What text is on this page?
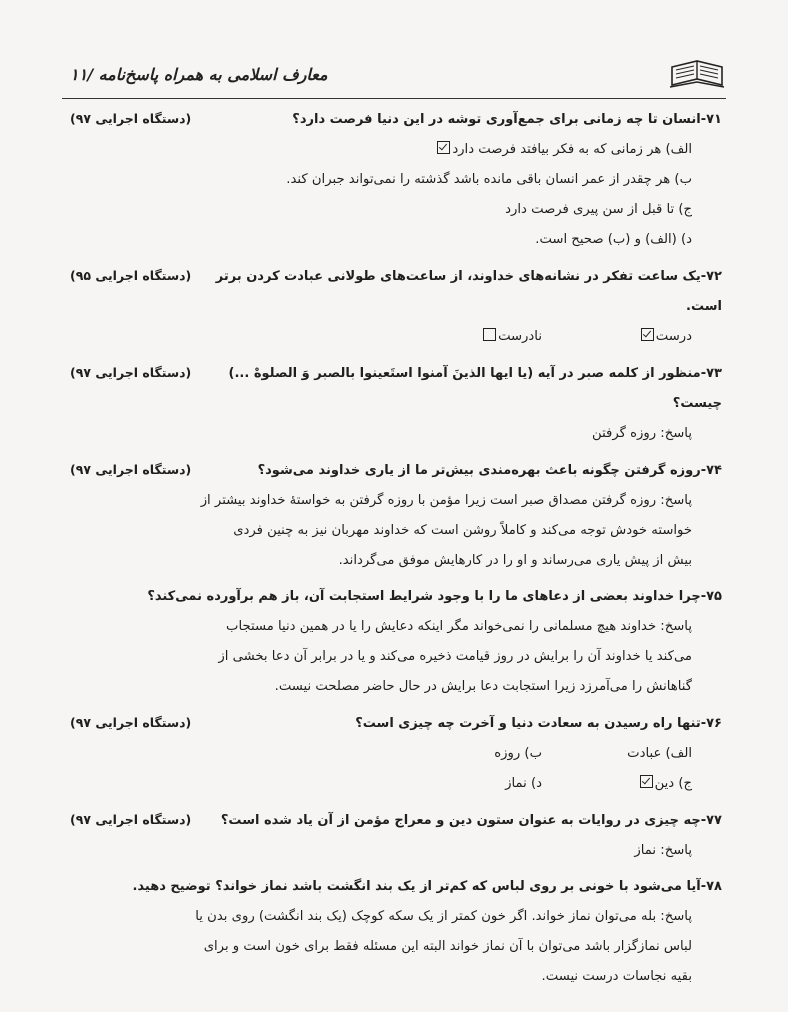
معارف اسلامی به همراه پاسخ‌نامه /۱۱
۷۱-انسان تا چه زمانی برای جمع‌آوری توشه در این دنیا فرصت دارد؟
(دستگاه اجرایی ۹۷)
الف) هر زمانی که به فکر بیافتد فرصت دارد
ب) هر چقدر از عمر انسان باقی مانده باشد گذشته را نمی‌تواند جبران کند.
ج) تا قبل از سن پیری فرصت دارد
د) (الف) و (ب) صحیح است.
۷۲-یک ساعت تفکر در نشانه‌های خداوند، از ساعت‌های طولانی عبادت کردن برتر است.
(دستگاه اجرایی ۹۵)
درست
نادرست
۷۳-منظور از کلمه صبر در آیه (یا ایها الذینَ آمنوا استَعینوا بالصبر وَ الصلوهْ ...) چیست؟
(دستگاه اجرایی ۹۷)
پاسخ: روزه گرفتن
۷۴-روزه گرفتن چگونه باعث بهره‌مندی بیش‌تر ما از یاری خداوند می‌شود؟
(دستگاه اجرایی ۹۷)
پاسخ: روزه گرفتن مصداق صبر است زیرا مؤمن با روزه گرفتن به خواستهٔ خداوند بیشتر از
خواسته خودش توجه می‌کند و کاملاً روشن است که خداوند مهربان نیز به چنین فردی
بیش از پیش یاری می‌رساند و او را در کارهایش موفق می‌گرداند.
۷۵-چرا خداوند بعضی از دعاهای ما را با وجود شرایط استجابت آن، باز هم برآورده نمی‌کند؟
پاسخ: خداوند هیچ مسلمانی را نمی‌خواند مگر اینکه دعایش را یا در همین دنیا مستجاب
می‌کند یا خداوند آن را برایش در روز قیامت ذخیره می‌کند و یا در برابر آن دعا بخشی از
گناهانش را می‌آمرزد زیرا استجابت دعا برایش در حال حاضر مصلحت نیست.
۷۶-تنها راه رسیدن به سعادت دنیا و آخرت چه چیزی است؟
(دستگاه اجرایی ۹۷)
الف) عبادت
ب) روزه
ج) دین
د) نماز
۷۷-چه چیزی در روایات به عنوان ستون دین و معراج مؤمن از آن یاد شده است؟
(دستگاه اجرایی ۹۷)
پاسخ: نماز
۷۸-آیا می‌شود با خونی بر روی لباس که کم‌تر از یک بند انگشت باشد نماز خواند؟ توضیح دهید.
پاسخ: بله می‌توان نماز خواند. اگر خون کمتر از یک سکه کوچک (یک بند انگشت) روی بدن یا
لباس نمازگزار باشد می‌توان با آن نماز خواند البته این مسئله فقط برای خون است و برای
بقیه نجاسات درست نیست.
